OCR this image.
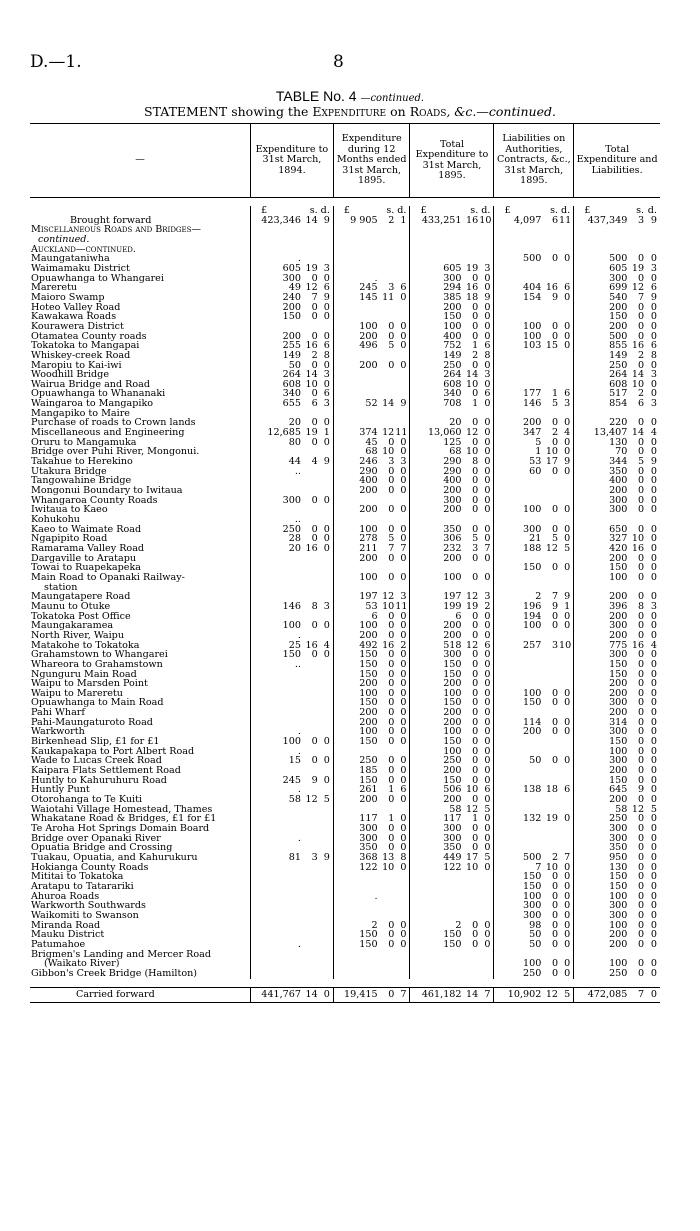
D.—1.	8
TABLE No. 4 —continued.
STATEMENT showing the Expenditure on Roads, &c.—continued.
—	Expenditure to 31st March, 1894.			Expenditure during 12 Months ended 31st March, 1895.			Total Expenditure to 31st March, 1895.			Liabilities on Authorities, Contracts, &c., 31st March, 1895.			Total Expenditure and Liabilities.		

	£	s.	d.	£	s.	d.	£	s.	d.	£	s.	d.	£	s.	d.
Brought forward	423,346	14	9	9 905	2	1	433,251	16	10	4,097	6	11	437,349	3	9
Miscellaneous Roads and Bridges—															
continued.															
Auckland—continued.															
Maungataniwha	.									500	0	0	500	0	0
Waimamaku District	605	19	3				605	19	3				605	19	3
Opuawhanga to Whangarei	300	0	0	.			300	0	0				300	0	0
Mareretu	49	12	6	245	3	6	294	16	0	404	16	6	699	12	6
Maioro Swamp	240	7	9	145	11	0	385	18	9	154	9	0	540	7	9
Hoteo Valley Road	200	0	0				200	0	0				200	0	0
Kawakawa Roads	150	0	0				150	0	0				150	0	0
Kourawera District				100	0	0	100	0	0	100	0	0	200	0	0
Otamatea County roads	200	0	0	200	0	0	400	0	0	100	0	0	500	0	0
Tokatoka to Mangapai	255	16	6	496	5	0	752	1	6	103	15	0	855	16	6
Whiskey-creek Road	149	2	8				149	2	8				149	2	8
Maropiu to Kai-iwi	50	0	0	200	0	0	250	0	0				250	0	0
Woodhill Bridge	264	14	3				264	14	3				264	14	3
Wairua Bridge and Road	608	10	0				608	10	0				608	10	0
Opuawhanga to Whananaki	340	0	6				340	0	6	177	1	6	517	2	0
Waingaroa to Mangapiko	655	6	3	52	14	9	708	1	0	146	5	3	854	6	3
Mangapiko to Maire															
Purchase of roads to Crown lands	20	0	0				20	0	0	200	0	0	220	0	0
Miscellaneous and Engineering	12,685	19	1	374	12	11	13,060	12	0	347	2	4	13,407	14	4
Oruru to Mangamuka	80	0	0	45	0	0	125	0	0	5	0	0	130	0	0
Bridge over Puhi River, Mongonui.				68	10	0	68	10	0	1	10	0	70	0	0
Takahue to Herekino	44	4	9	246	3	3	290	8	0	53	17	9	344	5	9
Utakura Bridge	..			290	0	0	290	0	0	60	0	0	350	0	0
Tangowahine Bridge				400	0	0	400	0	0				400	0	0
Mongonui Boundary to Iwitaua				200	0	0	200	0	0				200	0	0
Whangaroa County Roads	300	0	0				300	0	0				300	0	0
Iwitaua to Kaeo				200	0	0	200	0	0	100	0	0	300	0	0
Kohukohu	..														
Kaeo to Waimate Road	250	0	0	100	0	0	350	0	0	300	0	0	650	0	0
Ngapipito Road	28	0	0	278	5	0	306	5	0	21	5	0	327	10	0
Ramarama Valley Road	20	16	0	211	7	7	232	3	7	188	12	5	420	16	0
Dargaville to Aratapu				200	0	0	200	0	0				200	0	0
Towai to Ruapekapeka										150	0	0	150	0	0
Main Road to Opanaki Railway-				100	0	0	100	0	0				100	0	0
station															
Maungatapere Road				197	12	3	197	12	3	2	7	9	200	0	0
Maunu to Otuke	146	8	3	53	10	11	199	19	2	196	9	1	396	8	3
Tokatoka Post Office				6	0	0	6	0	0	194	0	0	200	0	0
Maungakaramea	100	0	0	100	0	0	200	0	0	100	0	0	300	0	0
North River, Waipu	.			200	0	0	200	0	0				200	0	0
Matakohe to Tokatoka	25	16	4	492	16	2	518	12	6	257	3	10	775	16	4
Grahamstown to Whangarei	150	0	0	150	0	0	300	0	0				300	0	0
Whareora to Grahamstown	..			150	0	0	150	0	0				150	0	0
Ngunguru Main Road				150	0	0	150	0	0				150	0	0
Waipu to Marsden Point				200	0	0	200	0	0				200	0	0
Waipu to Mareretu				100	0	0	100	0	0	100	0	0	200	0	0
Opuawhanga to Main Road				150	0	0	150	0	0	150	0	0	300	0	0
Pahi Wharf				200	0	0	200	0	0				200	0	0
Pahi-Maungaturoto Road				200	0	0	200	0	0	114	0	0	314	0	0
Warkworth	.			100	0	0	100	0	0	200	0	0	300	0	0
Birkenhead Slip, £1 for £1	100	0	0	150	0	0	150	0	0				150	0	0
Kaukapakapa to Port Albert Road	.						100	0	0				100	0	0
Wade to Lucas Creek Road	15	0	0	250	0	0	250	0	0	50	0	0	300	0	0
Kaipara Flats Settlement Road				185	0	0	200	0	0				200	0	0
Huntly to Kahuruhuru Road	245	9	0	150	0	0	150	0	0				150	0	0
Huntly Punt	.			261	1	6	506	10	6	138	18	6	645	9	0
Otorohanga to Te Kuiti	58	12	5	200	0	0	200	0	0				200	0	0
Waiotahi Village Homestead, Thames							58	12	5				58	12	5
Whakatane Road & Bridges, £1 for £1				117	1	0	117	1	0	132	19	0	250	0	0
Te Aroha Hot Springs Domain Board				300	0	0	300	0	0				300	0	0
Bridge over Opanaki River	.			300	0	0	300	0	0				300	0	0
Opuatia Bridge and Crossing				350	0	0	350	0	0				350	0	0
Tuakau, Opuatia, and Kahurukuru	81	3	9	368	13	8	449	17	5	500	2	7	950	0	0
Hokianga County Roads				122	10	0	122	10	0	7	10	0	130	0	0
Mititai to Tokatoka										150	0	0	150	0	0
Aratapu to Tatarariki										150	0	0	150	0	0
Ahuroa Roads				.						100	0	0	100	0	0
Warkworth Southwards										300	0	0	300	0	0
Waikomiti to Swanson										300	0	0	300	0	0
Miranda Road				2	0	0	2	0	0	98	0	0	100	0	0
Mauku District				150	0	0	150	0	0	50	0	0	200	0	0
Patumahoe	.			150	0	0	150	0	0	50	0	0	200	0	0
Brigmen's Landing and Mercer Road															
(Waikato River)										100	0	0	100	0	0
Gibbon's Creek Bridge (Hamilton)										250	0	0	250	0	0

Carried forward	441,767	14	0	19,415	0	7	461,182	14	7	10,902	12	5	472,085	7	0
